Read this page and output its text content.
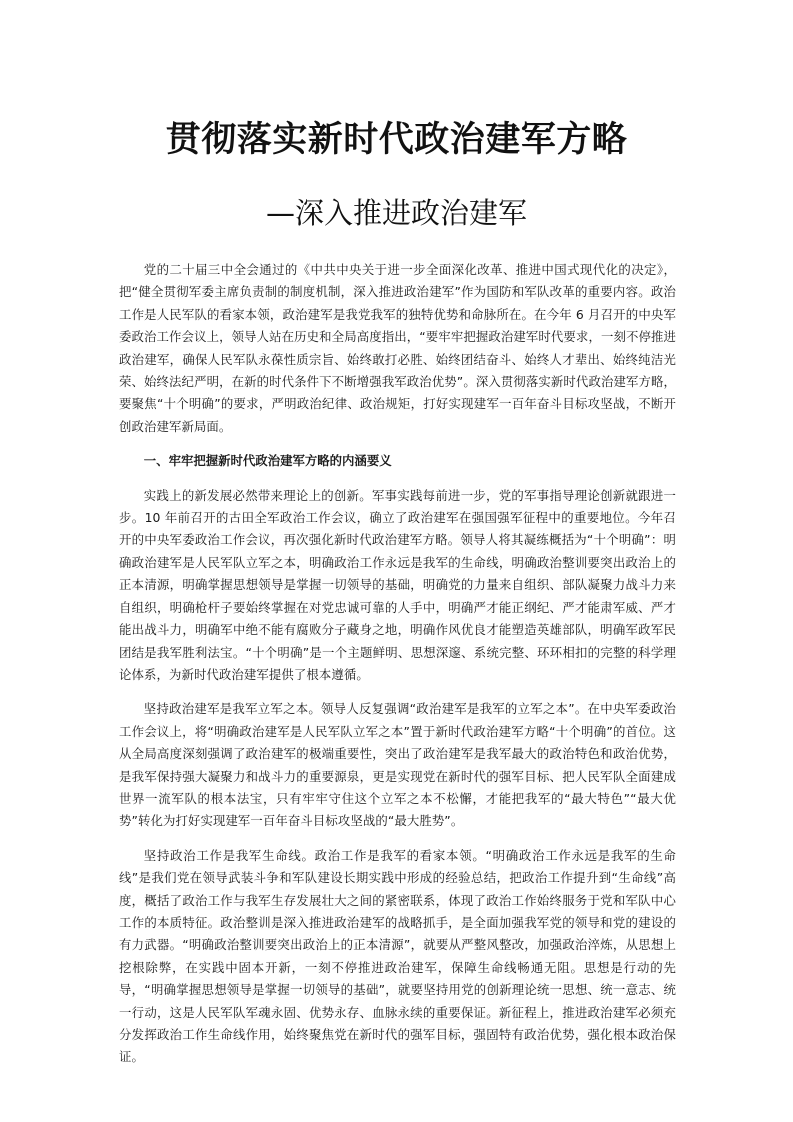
贯彻落实新时代政治建军方略
—深入推进政治建军

党的二十届三中全会通过的《中共中央关于进一步全面深化改革、推进中国式现代化的决定》，把“健全贯彻军委主席负责制的制度机制，深入推进政治建军”作为国防和军队改革的重要内容。政治工作是人民军队的看家本领，政治建军是我党我军的独特优势和命脉所在。在今年 6 月召开的中央军委政治工作会议上，领导人站在历史和全局高度指出，“要牢牢把握政治建军时代要求，一刻不停推进政治建军，确保人民军队永葆性质宗旨、始终敢打必胜、始终团结奋斗、始终人才辈出、始终纯洁光荣、始终法纪严明，在新的时代条件下不断增强我军政治优势”。深入贯彻落实新时代政治建军方略，要聚焦“十个明确”的要求，严明政治纪律、政治规矩，打好实现建军一百年奋斗目标攻坚战，不断开创政治建军新局面。

一、牢牢把握新时代政治建军方略的内涵要义

实践上的新发展必然带来理论上的创新。军事实践每前进一步，党的军事指导理论创新就跟进一步。10 年前召开的古田全军政治工作会议，确立了政治建军在强国强军征程中的重要地位。今年召开的中央军委政治工作会议，再次强化新时代政治建军方略。领导人将其凝练概括为“十个明确”：明确政治建军是人民军队立军之本，明确政治工作永远是我军的生命线，明确政治整训要突出政治上的正本清源，明确掌握思想领导是掌握一切领导的基础，明确党的力量来自组织、部队凝聚力战斗力来自组织，明确枪杆子要始终掌握在对党忠诚可靠的人手中，明确严才能正纲纪、严才能肃军威、严才能出战斗力，明确军中绝不能有腐败分子藏身之地，明确作风优良才能塑造英雄部队，明确军政军民团结是我军胜利法宝。“十个明确”是一个主题鲜明、思想深邃、系统完整、环环相扣的完整的科学理论体系，为新时代政治建军提供了根本遵循。

坚持政治建军是我军立军之本。领导人反复强调“政治建军是我军的立军之本”。在中央军委政治工作会议上，将“明确政治建军是人民军队立军之本”置于新时代政治建军方略“十个明确”的首位。这从全局高度深刻强调了政治建军的极端重要性，突出了政治建军是我军最大的政治特色和政治优势，是我军保持强大凝聚力和战斗力的重要源泉，更是实现党在新时代的强军目标、把人民军队全面建成世界一流军队的根本法宝，只有牢牢守住这个立军之本不松懈，才能把我军的“最大特色”“最大优势”转化为打好实现建军一百年奋斗目标攻坚战的“最大胜势”。

坚持政治工作是我军生命线。政治工作是我军的看家本领。“明确政治工作永远是我军的生命线”是我们党在领导武装斗争和军队建设长期实践中形成的经验总结，把政治工作提升到“生命线”高度，概括了政治工作与我军生存发展壮大之间的紧密联系，体现了政治工作始终服务于党和军队中心工作的本质特征。政治整训是深入推进政治建军的战略抓手，是全面加强我军党的领导和党的建设的有力武器。“明确政治整训要突出政治上的正本清源”，就要从严整风整改，加强政治淬炼，从思想上挖根除弊，在实践中固本开新，一刻不停推进政治建军，保障生命线畅通无阻。思想是行动的先导，“明确掌握思想领导是掌握一切领导的基础”，就要坚持用党的创新理论统一思想、统一意志、统一行动，这是人民军队军魂永固、优势永存、血脉永续的重要保证。新征程上，推进政治建军必须充分发挥政治工作生命线作用，始终聚焦党在新时代的强军目标，强固特有政治优势，强化根本政治保证。
